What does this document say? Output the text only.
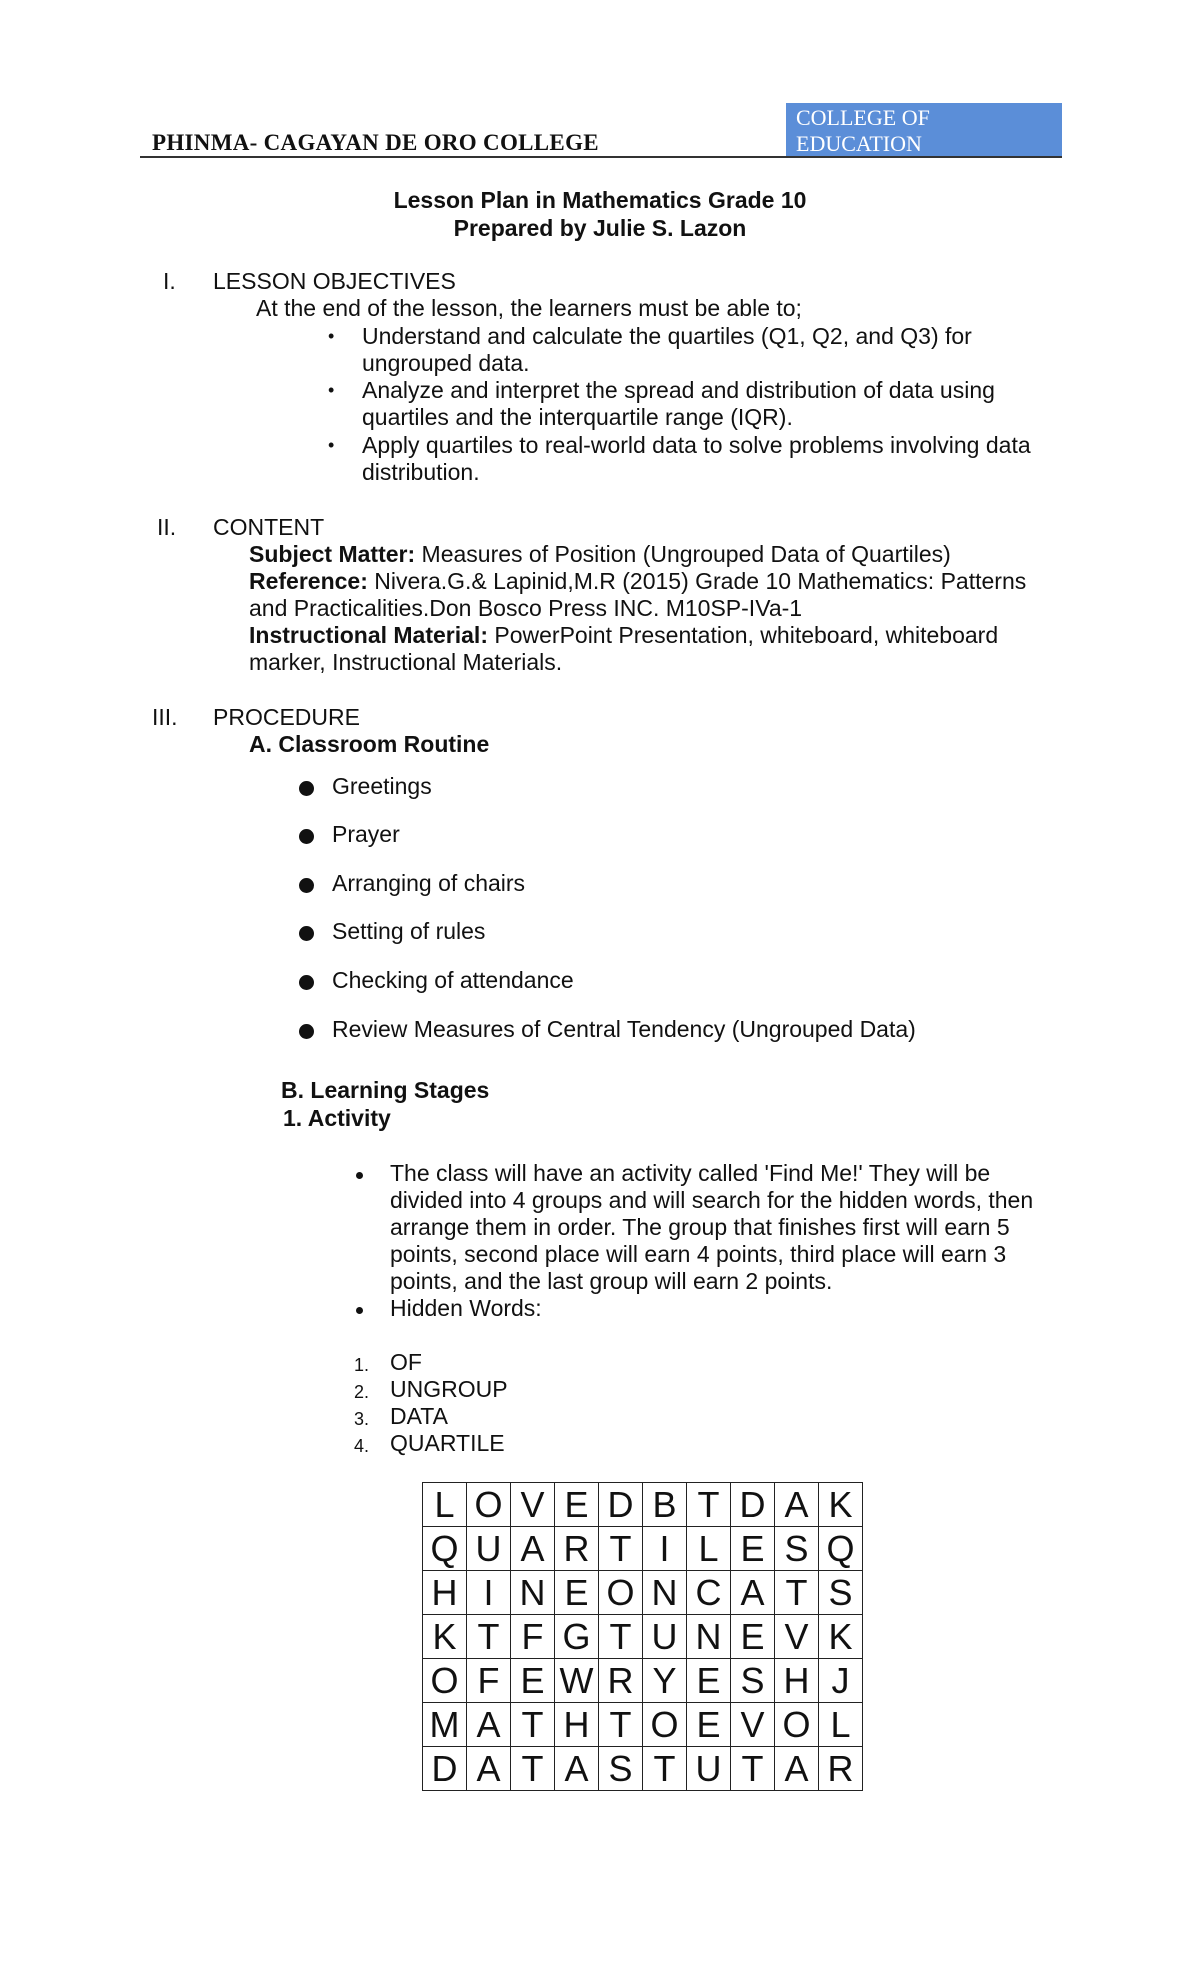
PHINMA- CAGAYAN DE ORO COLLEGE
COLLEGE OF
EDUCATION
Lesson Plan in Mathematics Grade 10
Prepared by Julie S. Lazon
I. LESSON OBJECTIVES
At the end of the lesson, the learners must be able to;
• Understand and calculate the quartiles (Q1, Q2, and Q3) for
ungrouped data.
• Analyze and interpret the spread and distribution of data using
quartiles and the interquartile range (IQR).
• Apply quartiles to real-world data to solve problems involving data
distribution.
II. CONTENT
Subject Matter: Measures of Position (Ungrouped Data of Quartiles)
Reference: Nivera.G.& Lapinid,M.R (2015) Grade 10 Mathematics: Patterns
and Practicalities.Don Bosco Press INC. M10SP-IVa-1
Instructional Material: PowerPoint Presentation, whiteboard, whiteboard
marker, Instructional Materials.
III. PROCEDURE
A. Classroom Routine
Greetings
Prayer
Arranging of chairs
Setting of rules
Checking of attendance
Review Measures of Central Tendency (Ungrouped Data)
B. Learning Stages
1. Activity
The class will have an activity called 'Find Me!' They will be
divided into 4 groups and will search for the hidden words, then
arrange them in order. The group that finishes first will earn 5
points, second place will earn 4 points, third place will earn 3
points, and the last group will earn 2 points.
Hidden Words:
1. OF
2. UNGROUP
3. DATA
4. QUARTILE
L	O	V	E	D	B	T	D	A	K
Q	U	A	R	T	I	L	E	S	Q
H	I	N	E	O	N	C	A	T	S
K	T	F	G	T	U	N	E	V	K
O	F	E	W	R	Y	E	S	H	J
M	A	T	H	T	O	E	V	O	L
D	A	T	A	S	T	U	T	A	R
